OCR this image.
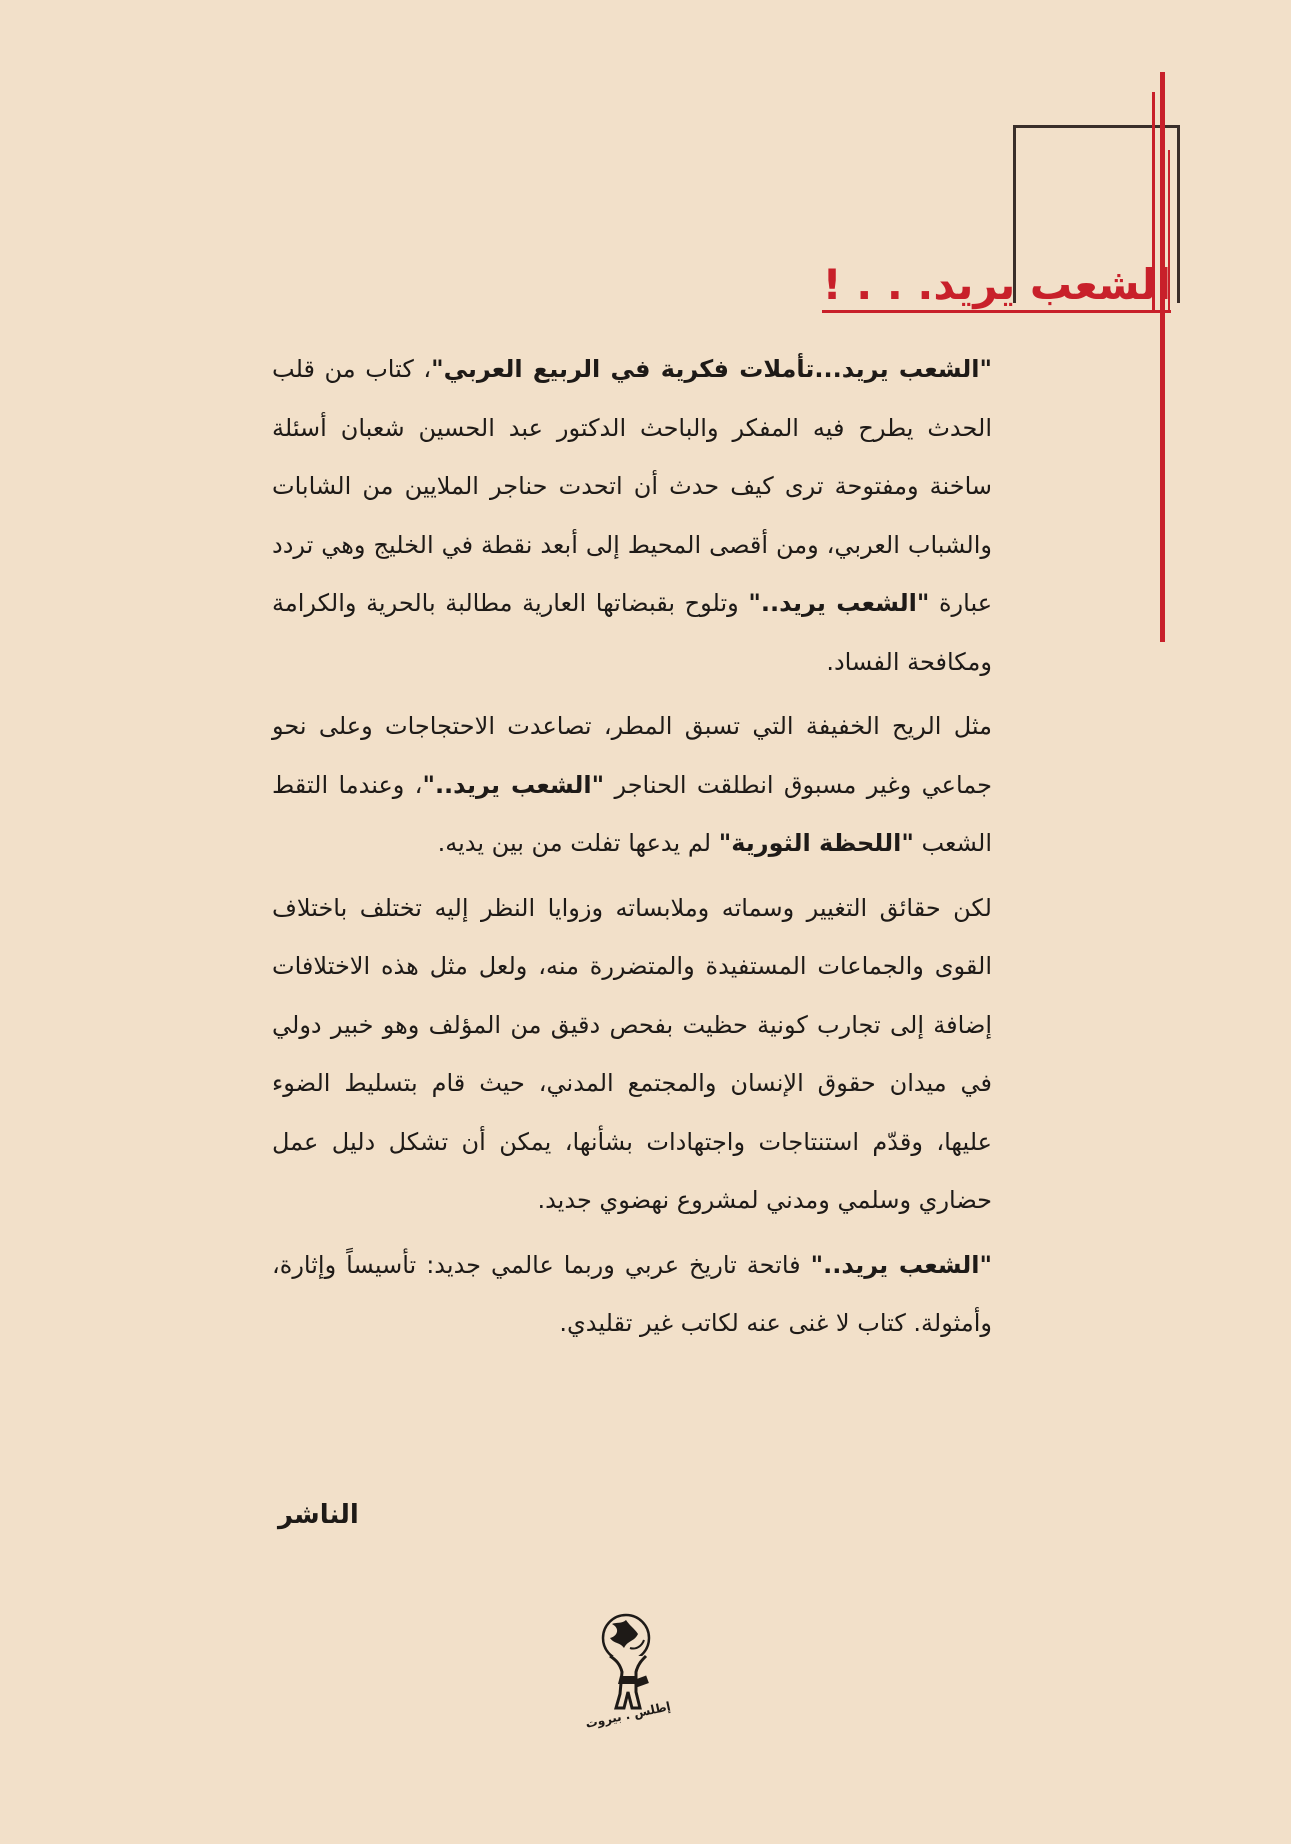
الشعب يريد. . . !

"الشعب يريد...تأملات فكرية في الربيع العربي"، كتاب من قلب الحدث يطرح فيه المفكر والباحث الدكتور عبد الحسين شعبان أسئلة ساخنة ومفتوحة ترى كيف حدث أن اتحدت حناجر الملايين من الشابات والشباب العربي، ومن أقصى المحيط إلى أبعد نقطة في الخليج وهي تردد عبارة "الشعب يريد.." وتلوح بقبضاتها العارية مطالبة بالحرية والكرامة ومكافحة الفساد.

مثل الريح الخفيفة التي تسبق المطر، تصاعدت الاحتجاجات وعلى نحو جماعي وغير مسبوق انطلقت الحناجر "الشعب يريد.."، وعندما التقط الشعب "اللحظة الثورية" لم يدعها تفلت من بين يديه.

لكن حقائق التغيير وسماته وملابساته وزوايا النظر إليه تختلف باختلاف القوى والجماعات المستفيدة والمتضررة منه، ولعل مثل هذه الاختلافات إضافة إلى تجارب كونية حظيت بفحص دقيق من المؤلف وهو خبير دولي في ميدان حقوق الإنسان والمجتمع المدني، حيث قام بتسليط الضوء عليها، وقدّم استنتاجات واجتهادات بشأنها، يمكن أن تشكل دليل عمل حضاري وسلمي ومدني لمشروع نهضوي جديد.

"الشعب يريد.." فاتحة تاريخ عربي وربما عالمي جديد: تأسيساً وإثارة، وأمثولة. كتاب لا غنى عنه لكاتب غير تقليدي.

الناشر
إطلس . بيروت
